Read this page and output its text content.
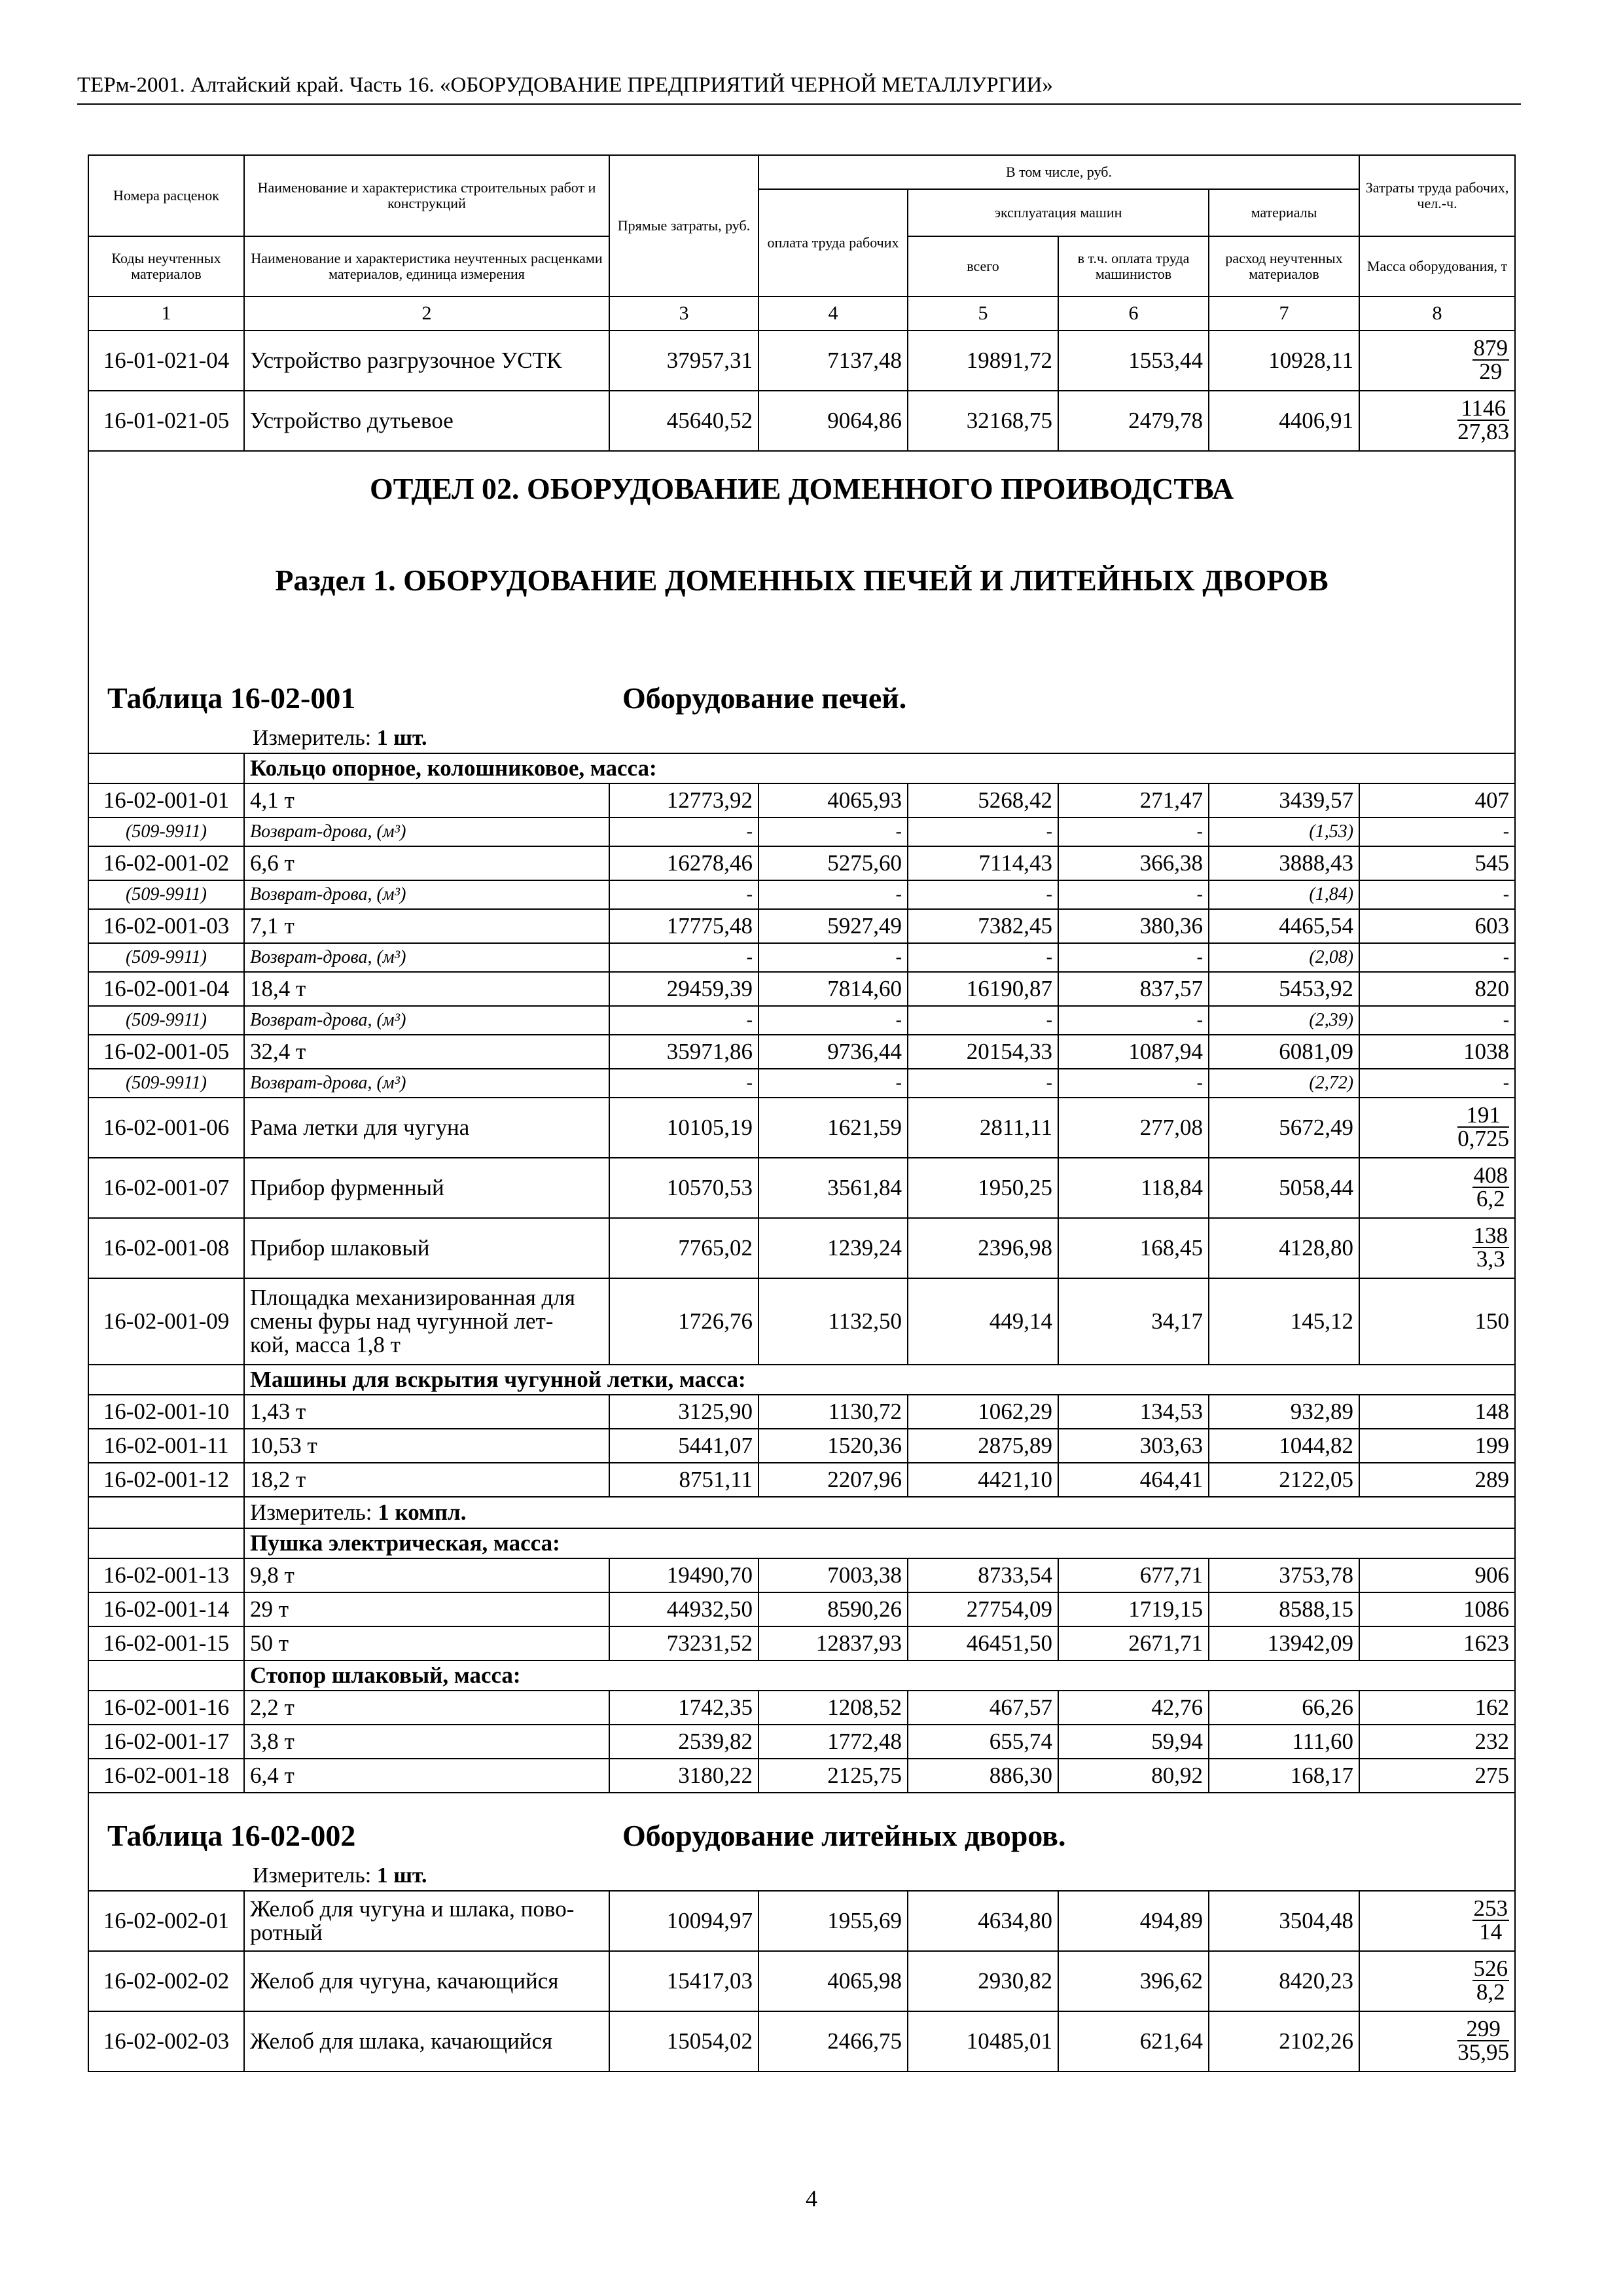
ТЕРм-2001. Алтайский край. Часть 16. «ОБОРУДОВАНИЕ ПРЕДПРИЯТИЙ ЧЕРНОЙ МЕТАЛЛУРГИИ»
Номера расценок	Наименование и характеристика строительных работ и конструкций	Прямые затраты, руб.	В том числе, руб.				Затраты труда рабочих, чел.-ч.
			оплата труда рабочих	эксплуатация машин		материалы	
Коды неучтенных материалов	Наименование и характеристика неучтенных расценками материалов, единица измерения			всего	в т.ч. оплата труда машинистов	расход неучтенных материалов	Масса оборудования, т
1	2	3	4	5	6	7	8
16-01-021-04	Устройство разгрузочное УСТК	37957,31	7137,48	19891,72	1553,44	10928,11	$\frac{879}{29}$

16-01-021-05	Устройство дутьевое	45640,52	9064,86	32168,75	2479,78	4406,91	$\frac{1146}{27,83}$

ОТДЕЛ 02. ОБОРУДОВАНИЕ ДОМЕННОГО ПРОИВОДСТВА
Раздел 1. ОБОРУДОВАНИЕ ДОМЕННЫХ ПЕЧЕЙ И ЛИТЕЙНЫХ ДВОРОВ
Таблица 16-02-001 Оборудование печей.
Измеритель: 1 шт.							

	Кольцо опорное, колошниковое, масса:						
16-02-001-01	4,1 т	12773,92	4065,93	5268,42	271,47	3439,57	407
(509-9911)	Возврат-дрова, (м³)	-	-	-	-	(1,53)	-
16-02-001-02	6,6 т	16278,46	5275,60	7114,43	366,38	3888,43	545
(509-9911)	Возврат-дрова, (м³)	-	-	-	-	(1,84)	-
16-02-001-03	7,1 т	17775,48	5927,49	7382,45	380,36	4465,54	603
(509-9911)	Возврат-дрова, (м³)	-	-	-	-	(2,08)	-
16-02-001-04	18,4 т	29459,39	7814,60	16190,87	837,57	5453,92	820
(509-9911)	Возврат-дрова, (м³)	-	-	-	-	(2,39)	-
16-02-001-05	32,4 т	35971,86	9736,44	20154,33	1087,94	6081,09	1038
(509-9911)	Возврат-дрова, (м³)	-	-	-	-	(2,72)	-
16-02-001-06	Рама летки для чугуна	10105,19	1621,59	2811,11	277,08	5672,49	$\frac{191}{0,725}$

16-02-001-07	Прибор фурменный	10570,53	3561,84	1950,25	118,84	5058,44	$\frac{408}{6,2}$

16-02-001-08	Прибор шлаковый	7765,02	1239,24	2396,98	168,45	4128,80	$\frac{138}{3,3}$

16-02-001-09	Площадка механизированная для
смены фуры над чугунной лет-
кой, масса 1,8 т	1726,76	1132,50	449,14	34,17	145,12	150
	Машины для вскрытия чугунной летки, масса:						
16-02-001-10	1,43 т	3125,90	1130,72	1062,29	134,53	932,89	148
16-02-001-11	10,53 т	5441,07	1520,36	2875,89	303,63	1044,82	199
16-02-001-12	18,2 т	8751,11	2207,96	4421,10	464,41	2122,05	289
	Измеритель: 1 компл.						
	Пушка электрическая, масса:						
16-02-001-13	9,8 т	19490,70	7003,38	8733,54	677,71	3753,78	906
16-02-001-14	29 т	44932,50	8590,26	27754,09	1719,15	8588,15	1086
16-02-001-15	50 т	73231,52	12837,93	46451,50	2671,71	13942,09	1623
	Стопор шлаковый, масса:						
16-02-001-16	2,2 т	1742,35	1208,52	467,57	42,76	66,26	162
16-02-001-17	3,8 т	2539,82	1772,48	655,74	59,94	111,60	232
16-02-001-18	6,4 т	3180,22	2125,75	886,30	80,92	168,17	275

Таблица 16-02-002 Оборудование литейных дворов.
Измеритель: 1 шт.							

16-02-002-01	Желоб для чугуна и шлака, пово-
ротный	10094,97	1955,69	4634,80	494,89	3504,48	$\frac{253}{14}$

16-02-002-02	Желоб для чугуна, качающийся	15417,03	4065,98	2930,82	396,62	8420,23	$\frac{526}{8,2}$

16-02-002-03	Желоб для шлака, качающийся	15054,02	2466,75	10485,01	621,64	2102,26	$\frac{299}{35,95}$
4
